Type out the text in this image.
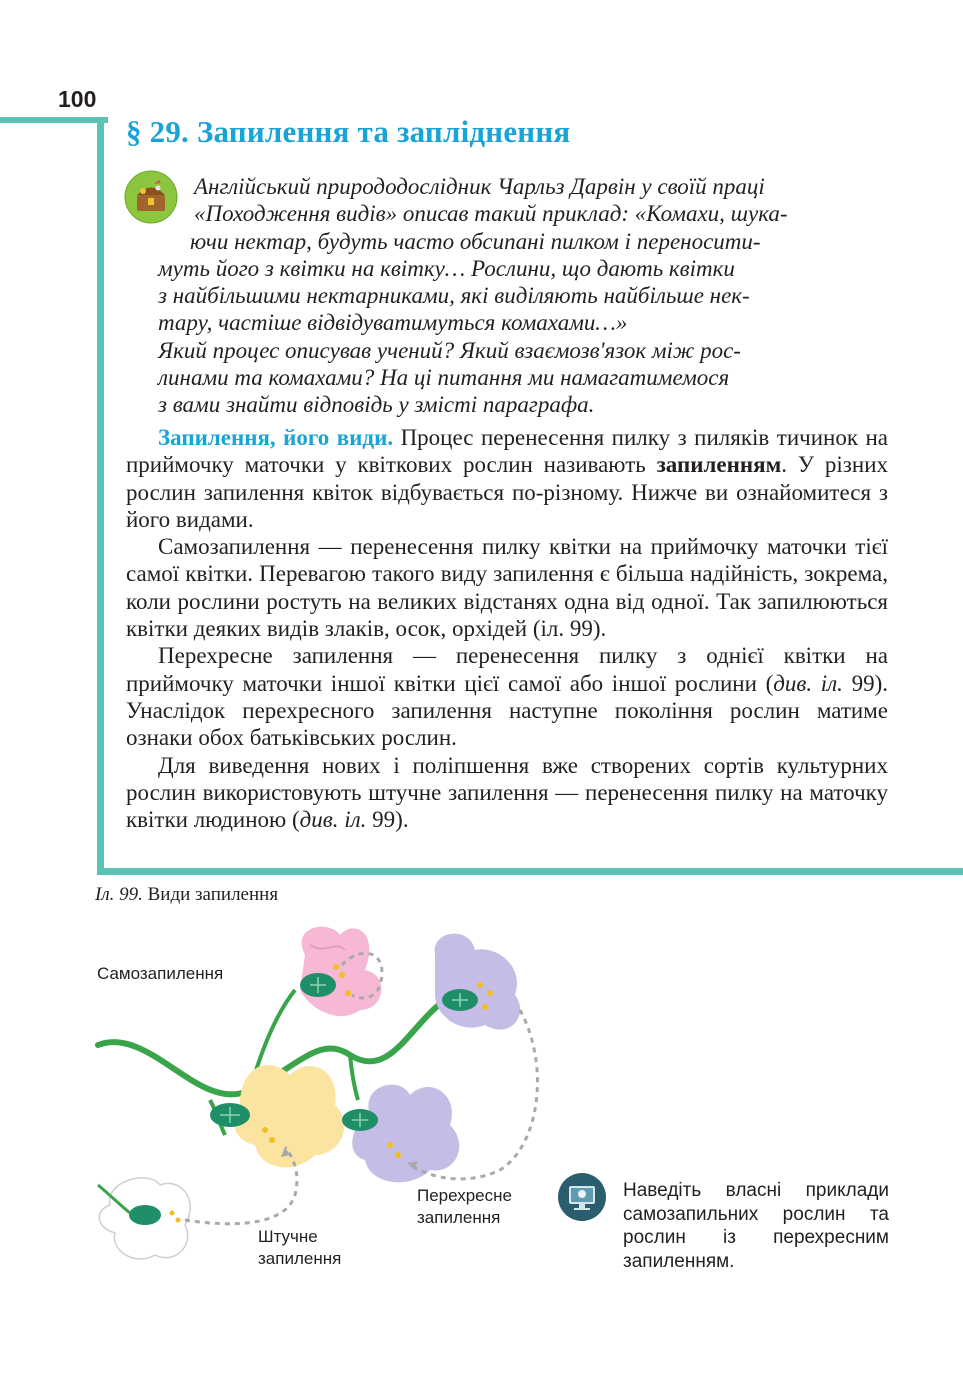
100
§ 29. Запилення та запліднення

Англійський природодослідник Чарльз Дарвін у своїй праці

«Походження видів» описав такий приклад: «Комахи, шука-

ючи нектар, будуть часто обсипані пилком і переносити-

муть його з квітки на квітку… Рослини, що дають квітки

з найбільшими нектарниками, які виділяють найбільше нек-

тару, частіше відвідуватимуться комахами…»

Який процес описував учений? Який взаємозв'язок між рос-

линами та комахами? На ці питання ми намагатимемося

з вами знайти відповідь у змісті параграфа.

Запилення, його види. Процес перенесення пилку з пиляків тичинок на приймочку маточки у квіткових рослин називають запиленням. У різних рослин запилення квіток відбувається по-різному. Нижче ви ознайомитеся з його видами.

Самозапилення — перенесення пилку квітки на приймочку маточки тієї самої квітки. Перевагою такого виду запилення є більша надійність, зокрема, коли рослини ростуть на великих відстанях одна від одної. Так запилюються квітки деяких видів злаків, осок, орхідей (іл. 99).

Перехресне запилення — перенесення пилку з однієї квітки на приймочку маточки іншої квітки цієї самої або іншої рослини (див. іл. 99). Унаслідок перехресного запилення наступне покоління рослин матиме ознаки обох батьківських рослин.

Для виведення нових і поліпшення вже створених сортів культурних рослин використовують штучне запилення — перенесення пилку на маточку квітки людиною (див. іл. 99).

Іл. 99. Види запилення
Самозапилення
Перехресне
запилення
Штучне
запилення
Наведіть власні приклади самозапильних рослин та рослин із перехресним запиленням.
